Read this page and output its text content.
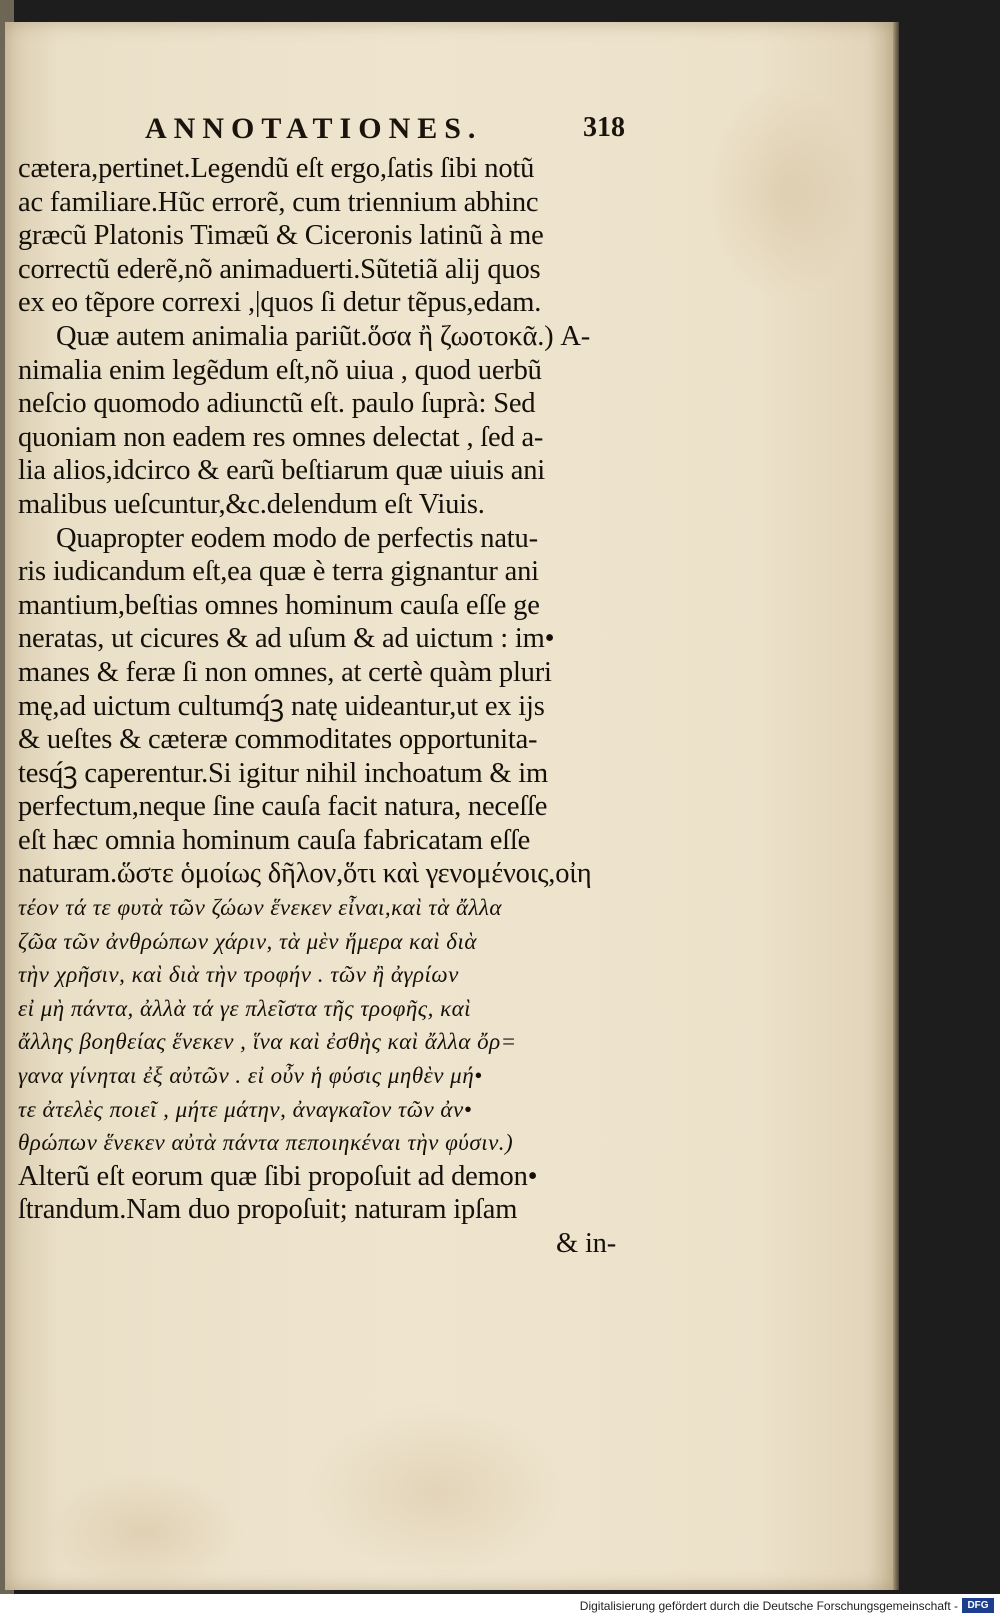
ANNOTATIONES.	318
cætera,pertinet.Legendũ eſt ergo,ſatis ſibi notũ
ac familiare.Hũc errorẽ, cum triennium abhinc
græcũ Platonis Timæũ & Ciceronis latinũ à me
correctũ ederẽ,nõ animaduerti.Sũtetiã alij quos
ex eo tẽpore correxi ,|quos ſi detur tẽpus,edam.
Quæ autem animalia pariũt.ὅσα ἢ ζωοτοκᾶ.) A-
nimalia enim legẽdum eſt,nõ uiua , quod uerbũ
neſcio quomodo adiunctũ eſt. paulo ſuprà: Sed
quoniam non eadem res omnes delectat , ſed a-
lia alios,idcirco & earũ beſtiarum quæ uiuis ani
malibus ueſcuntur,&c.delendum eſt Viuis.
Quapropter eodem modo de perfectis natu-
ris iudicandum eſt,ea quæ è terra gignantur ani
mantium,beſtias omnes hominum cauſa eſſe ge
neratas, ut cicures & ad uſum & ad uictum : im•
manes & feræ ſi non omnes, at certè quàm pluri
mę,ad uictum cultumq́ꝫ natę uideantur,ut ex ijs
& ueſtes & cæteræ commoditates opportunita-
tesq́ꝫ caperentur.Si igitur nihil inchoatum & im
perfectum,neque ſine cauſa facit natura, neceſſe
eſt hæc omnia hominum cauſa fabricatam eſſe
naturam.ὥστε ὁμοίως δῆλον,ὅτι καὶ γενομένοις,οἰη
τέον τά τε φυτὰ τῶν ζώων ἕνεκεν εἶναι,καὶ τὰ ἄλλα
ζῶα τῶν ἀνθρώπων χάριν, τὰ μὲν ἥμερα καὶ διὰ
τὴν χρῆσιν, καὶ διὰ τὴν τροφήν . τῶν ἢ ἀγρίων
εἰ μὴ πάντα, ἀλλὰ τά γε πλεῖστα τῆς τροφῆς, καὶ
ἄλλης βοηθείας ἕνεκεν , ἵνα καὶ ἐσθὴς καὶ ἄλλα ὄρ=
γανα γίνηται ἐξ αὐτῶν . εἰ οὖν ἡ φύσις μηθὲν μή•
τε ἀτελὲς ποιεῖ , μήτε μάτην, ἀναγκαῖον τῶν ἀν•
θρώπων ἕνεκεν αὐτὰ πάντα πεποιηκέναι τὴν φύσιν.)
Alterũ eſt eorum quæ ſibi propoſuit ad demon•
ſtrandum.Nam duo propoſuit; naturam ipſam
& in-
Digitalisierung gefördert durch die Deutsche Forschungsgemeinschaft - DFG
